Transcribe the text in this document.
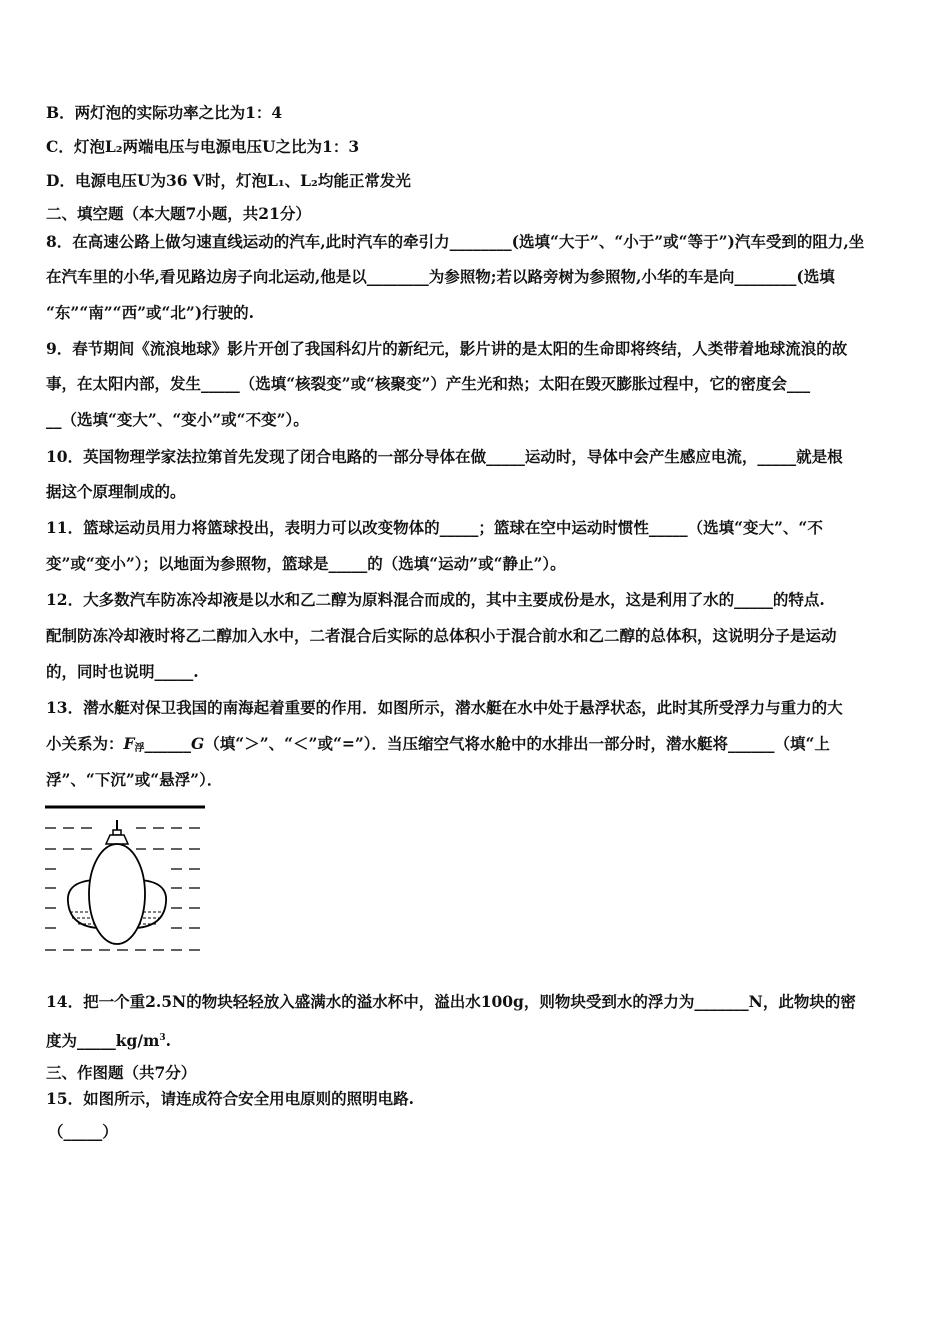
B．两灯泡的实际功率之比为1：4
C．灯泡L₂两端电压与电源电压U之比为1：3
D．电源电压U为36 V时，灯泡L₁、L₂均能正常发光
二、填空题（本大题7小题，共21分）
8．在高速公路上做匀速直线运动的汽车,此时汽车的牵引力________(选填“大于”、“小于”或“等于”)汽车受到的阻力,坐
在汽车里的小华,看见路边房子向北运动,他是以________为参照物;若以路旁树为参照物,小华的车是向________(选填
“东”“南”“西”或“北”)行驶的.
9．春节期间《流浪地球》影片开创了我国科幻片的新纪元，影片讲的是太阳的生命即将终结，人类带着地球流浪的故
事，在太阳内部，发生_____（选填“核裂变”或“核聚变”）产生光和热；太阳在毁灭膨胀过程中，它的密度会___
__（选填“变大”、“变小”或“不变”）。
10．英国物理学家法拉第首先发现了闭合电路的一部分导体在做_____运动时，导体中会产生感应电流，_____就是根
据这个原理制成的。
11．篮球运动员用力将篮球投出，表明力可以改变物体的_____；篮球在空中运动时惯性_____（选填“变大”、“不
变”或“变小”）；以地面为参照物，篮球是_____的（选填“运动”或“静止”）。
12．大多数汽车防冻冷却液是以水和乙二醇为原料混合而成的，其中主要成份是水，这是利用了水的_____的特点.
配制防冻冷却液时将乙二醇加入水中，二者混合后实际的总体积小于混合前水和乙二醇的总体积，这说明分子是运动
的，同时也说明_____.
13．潜水艇对保卫我国的南海起着重要的作用．如图所示，潜水艇在水中处于悬浮状态，此时其所受浮力与重力的大
小关系为：F浮______G（填“＞”、“＜”或“=”）．当压缩空气将水舱中的水排出一部分时，潜水艇将______（填“上
浮”、“下沉”或“悬浮”）．
14．把一个重2.5N的物块轻轻放入盛满水的溢水杯中，溢出水100g，则物块受到水的浮力为_______N，此物块的密
度为$\_\_\_\_\_kg/m^3$.
三、作图题（共7分）
15．如图所示，请连成符合安全用电原则的照明电路.
（_____）
